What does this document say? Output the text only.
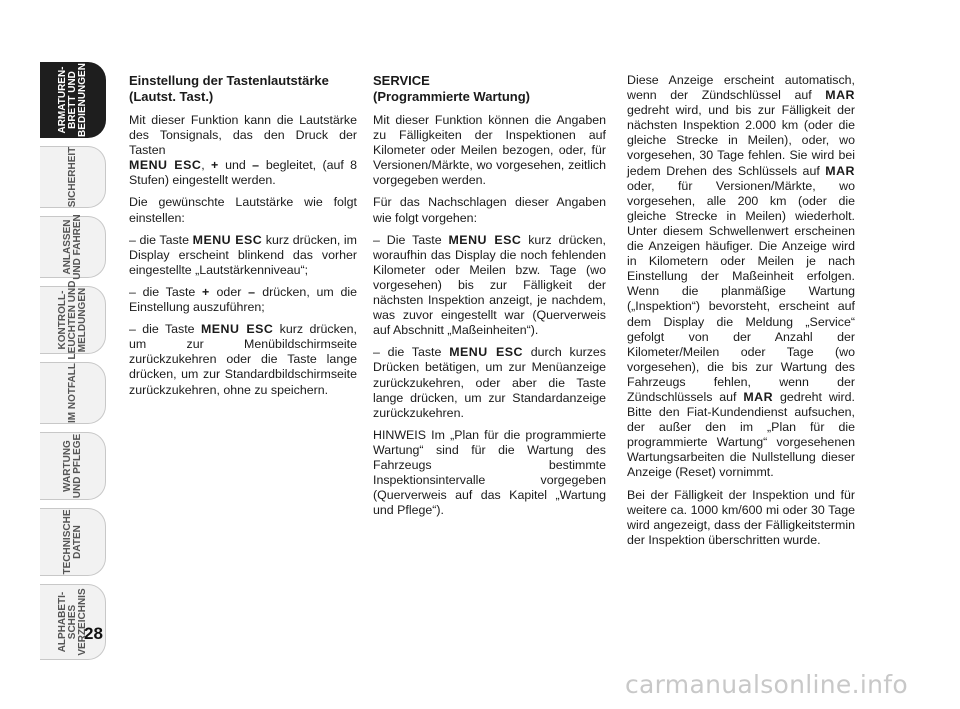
ARMATUREN-
BRETT UND
BEDIENUNGEN
SICHERHEIT
ANLASSEN
UND FAHREN
KONTROLL-
LEUCHTEN UND
MELDUNGEN
IM NOTFALL
WARTUNG
UND PFLEGE
TECHNISCHE
DATEN
ALPHABETI-
SCHES
VERZEICHNIS
28

Einstellung der Tastenlautstärke (Lautst. Tast.)

Mit dieser Funktion kann die Lautstärke des Tonsignals, das den Druck der Tasten
MENU ESC, + und – begleitet, (auf 8 Stufen) eingestellt werden.

Die gewünschte Lautstärke wie folgt einstellen:

– die Taste MENU ESC kurz drücken, im Display erscheint blinkend das vorher eingestellte „Lautstärkenniveau“;

– die Taste + oder – drücken, um die Einstellung auszuführen;

– die Taste MENU ESC kurz drücken, um zur Menübildschirmseite zurückzukehren oder die Taste lange drücken, um zur Standardbildschirmseite zurückzukehren, ohne zu speichern.

SERVICE
(Programmierte Wartung)

Mit dieser Funktion können die Angaben zu Fälligkeiten der Inspektionen auf Kilometer oder Meilen bezogen, oder, für Versionen/Märkte, wo vorgesehen, zeitlich vorgegeben werden.

Für das Nachschlagen dieser Angaben wie folgt vorgehen:

– Die Taste MENU ESC kurz drücken, woraufhin das Display die noch fehlenden Kilometer oder Meilen bzw. Tage (wo vorgesehen) bis zur Fälligkeit der nächsten Inspektion anzeigt, je nachdem, was zuvor eingestellt war (Querverweis auf Abschnitt „Maßeinheiten“).

– die Taste MENU ESC durch kurzes Drücken betätigen, um zur Menüanzeige zurückzukehren, oder aber die Taste lange drücken, um zur Standardanzeige zurückzukehren.

HINWEIS Im „Plan für die programmierte Wartung“ sind für die Wartung des Fahrzeugs bestimmte Inspektionsintervalle vorgegeben (Querverweis auf das Kapitel „Wartung und Pflege“).

Diese Anzeige erscheint automatisch, wenn der Zündschlüssel auf MAR gedreht wird, und bis zur Fälligkeit der nächsten Inspektion 2.000 km (oder die gleiche Strecke in Meilen), oder, wo vorgesehen, 30 Tage fehlen. Sie wird bei jedem Drehen des Schlüssels auf MAR oder, für Versionen/Märkte, wo vorgesehen, alle 200 km (oder die gleiche Strecke in Meilen) wiederholt. Unter diesem Schwellenwert erscheinen die Anzeigen häufiger. Die Anzeige wird in Kilometern oder Meilen je nach Einstellung der Maßeinheit erfolgen. Wenn die planmäßige Wartung („Inspektion“) bevorsteht, erscheint auf dem Display die Meldung „Service“ gefolgt von der Anzahl der Kilometer/Meilen oder Tage (wo vorgesehen), die bis zur Wartung des Fahrzeugs fehlen, wenn der Zündschlüssels auf MAR gedreht wird. Bitte den Fiat-Kundendienst aufsuchen, der außer den im „Plan für die programmierte Wartung“ vorgesehenen Wartungsarbeiten die Nullstellung dieser Anzeige (Reset) vornimmt.

Bei der Fälligkeit der Inspektion und für weitere ca. 1000 km/600 mi oder 30 Tage wird angezeigt, dass der Fälligkeitstermin der Inspektion überschritten wurde.

carmanualsonline.info
